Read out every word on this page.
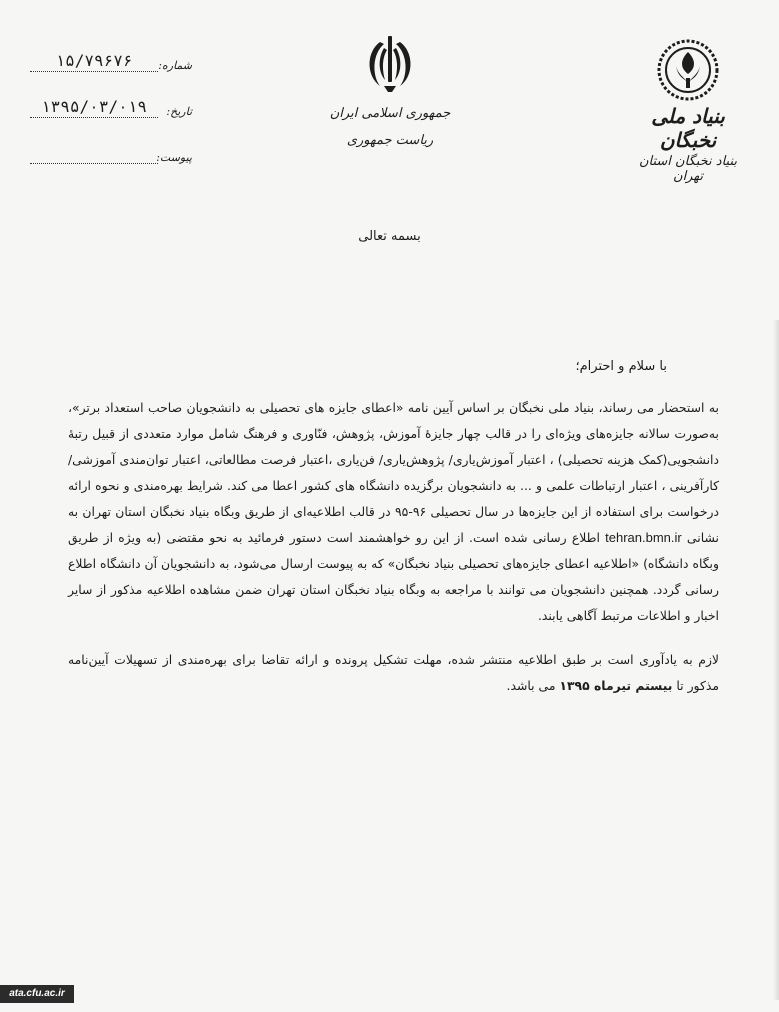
بنیاد ملی نخبگان
بنیاد نخبگان استان تهران
جمهوری اسلامی ایران
ریاست جمهوری
شماره:
۱۵/۷۹۶۷۶
تاریخ:
۱۳۹۵/۰۳/۰۱۹
پیوست:
بسمه تعالی
با سلام و احترام؛

به استحضار می رساند، بنیاد ملی نخبگان بر اساس آیین نامه «اعطای جایزه های تحصیلی به دانشجویان صاحب استعداد برتر»، به‌صورت سالانه جایزه‌های ویژه‌ای را در قالب چهار جایزهٔ آموزش، پژوهش، فنّاوری و فرهنگ شامل موارد متعددی از قبیل رتبهٔ دانشجویی(کمک هزینه تحصیلی) ، اعتبار آموزش‌یاری/ پژوهش‌یاری/ فن‌یاری ،اعتبار فرصت مطالعاتی، اعتبار توان‌مندی آموزشی/ کارآفرینی ، اعتبار ارتباطات علمی و ... به دانشجویان برگزیده دانشگاه های کشور اعطا می کند. شرایط بهره‌مندی و نحوه ارائه درخواست برای استفاده از این جایزه‌ها در سال تحصیلی ۹۶-۹۵ در قالب اطلاعیه‌ای از طریق وبگاه بنیاد نخبگان استان تهران به نشانی tehran.bmn.ir اطلاع رسانی شده است. از این رو خواهشمند است دستور فرمائید به نحو مقتضی (به ویژه از طریق وبگاه دانشگاه) «اطلاعیه اعطای جایزه‌های تحصیلی بنیاد نخبگان» که به پیوست ارسال می‌شود، به دانشجویان آن دانشگاه اطلاع رسانی گردد. همچنین دانشجویان می توانند با مراجعه به وبگاه بنیاد نخبگان استان تهران ضمن مشاهده اطلاعیه مذکور از سایر اخبار و اطلاعات مرتبط آگاهی یابند.

لازم به یادآوری است بر طبق اطلاعیه منتشر شده، مهلت تشکیل پرونده و ارائه تقاضا برای بهره‌مندی از تسهیلات آیین‌نامه مذکور تا بیستم تیرماه ۱۳۹۵ می باشد.

ata.cfu.ac.ir
